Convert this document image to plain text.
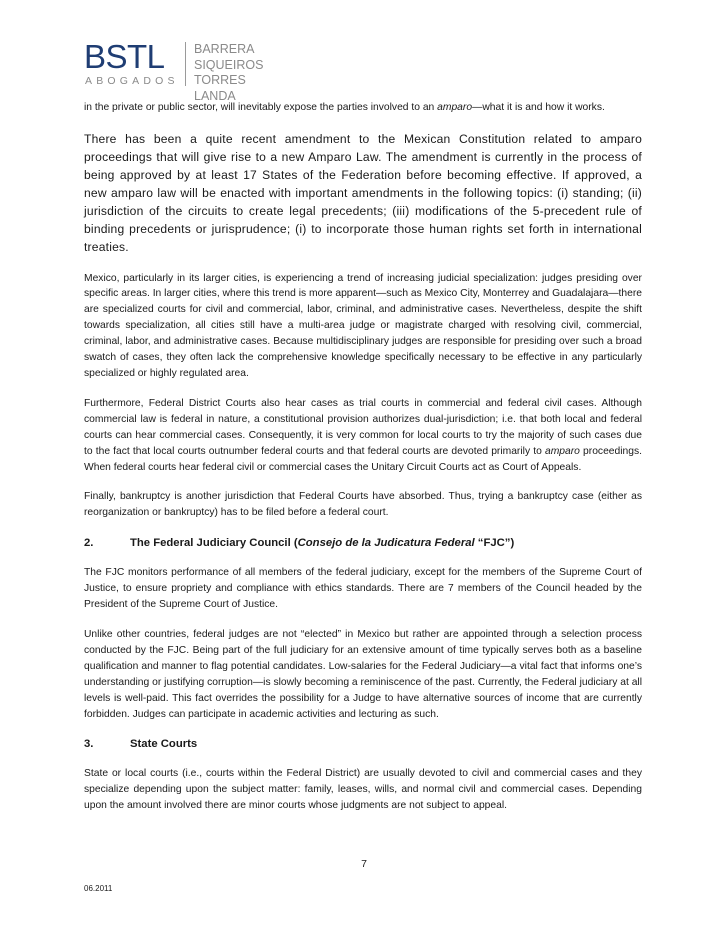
BSTL
ABOGADOS
BARRERA
SIQUEIROS
TORRES LANDA

in the private or public sector, will inevitably expose the parties involved to an amparo—what it is and how it works.

There has been a quite recent amendment to the Mexican Constitution related to amparo proceedings that will give rise to a new Amparo Law. The amendment is currently in the process of being approved by at least 17 States of the Federation before becoming effective. If approved, a new amparo law will be enacted with important amendments in the following topics: (i) standing; (ii) jurisdiction of the circuits to create legal precedents; (iii) modifications of the 5-precedent rule of binding precedents or jurisprudence; (i) to incorporate those human rights set forth in international treaties.

Mexico, particularly in its larger cities, is experiencing a trend of increasing judicial specialization: judges presiding over specific areas. In larger cities, where this trend is more apparent—such as Mexico City, Monterrey and Guadalajara—there are specialized courts for civil and commercial, labor, criminal, and administrative cases. Nevertheless, despite the shift towards specialization, all cities still have a multi-area judge or magistrate charged with resolving civil, commercial, criminal, labor, and administrative cases. Because multidisciplinary judges are responsible for presiding over such a broad swatch of cases, they often lack the comprehensive knowledge specifically necessary to be effective in any particularly specialized or highly regulated area.

Furthermore, Federal District Courts also hear cases as trial courts in commercial and federal civil cases. Although commercial law is federal in nature, a constitutional provision authorizes dual-jurisdiction; i.e. that both local and federal courts can hear commercial cases. Consequently, it is very common for local courts to try the majority of such cases due to the fact that local courts outnumber federal courts and that federal courts are devoted primarily to amparo proceedings. When federal courts hear federal civil or commercial cases the Unitary Circuit Courts act as Court of Appeals.

Finally, bankruptcy is another jurisdiction that Federal Courts have absorbed. Thus, trying a bankruptcy case (either as reorganization or bankruptcy) has to be filed before a federal court.

2.	The Federal Judiciary Council (Consejo de la Judicatura Federal “FJC”)

The FJC monitors performance of all members of the federal judiciary, except for the members of the Supreme Court of Justice, to ensure propriety and compliance with ethics standards. There are 7 members of the Council headed by the President of the Supreme Court of Justice.

Unlike other countries, federal judges are not “elected” in Mexico but rather are appointed through a selection process conducted by the FJC. Being part of the full judiciary for an extensive amount of time typically serves both as a baseline qualification and manner to flag potential candidates. Low-salaries for the Federal Judiciary—a vital fact that informs one’s understanding or justifying corruption—is slowly becoming a reminiscence of the past. Currently, the Federal judiciary at all levels is well-paid. This fact overrides the possibility for a Judge to have alternative sources of income that are currently forbidden. Judges can participate in academic activities and lecturing as such.

3.	State Courts

State or local courts (i.e., courts within the Federal District) are usually devoted to civil and commercial cases and they specialize depending upon the subject matter: family, leases, wills, and normal civil and commercial cases. Depending upon the amount involved there are minor courts whose judgments are not subject to appeal.

7
06.2011
